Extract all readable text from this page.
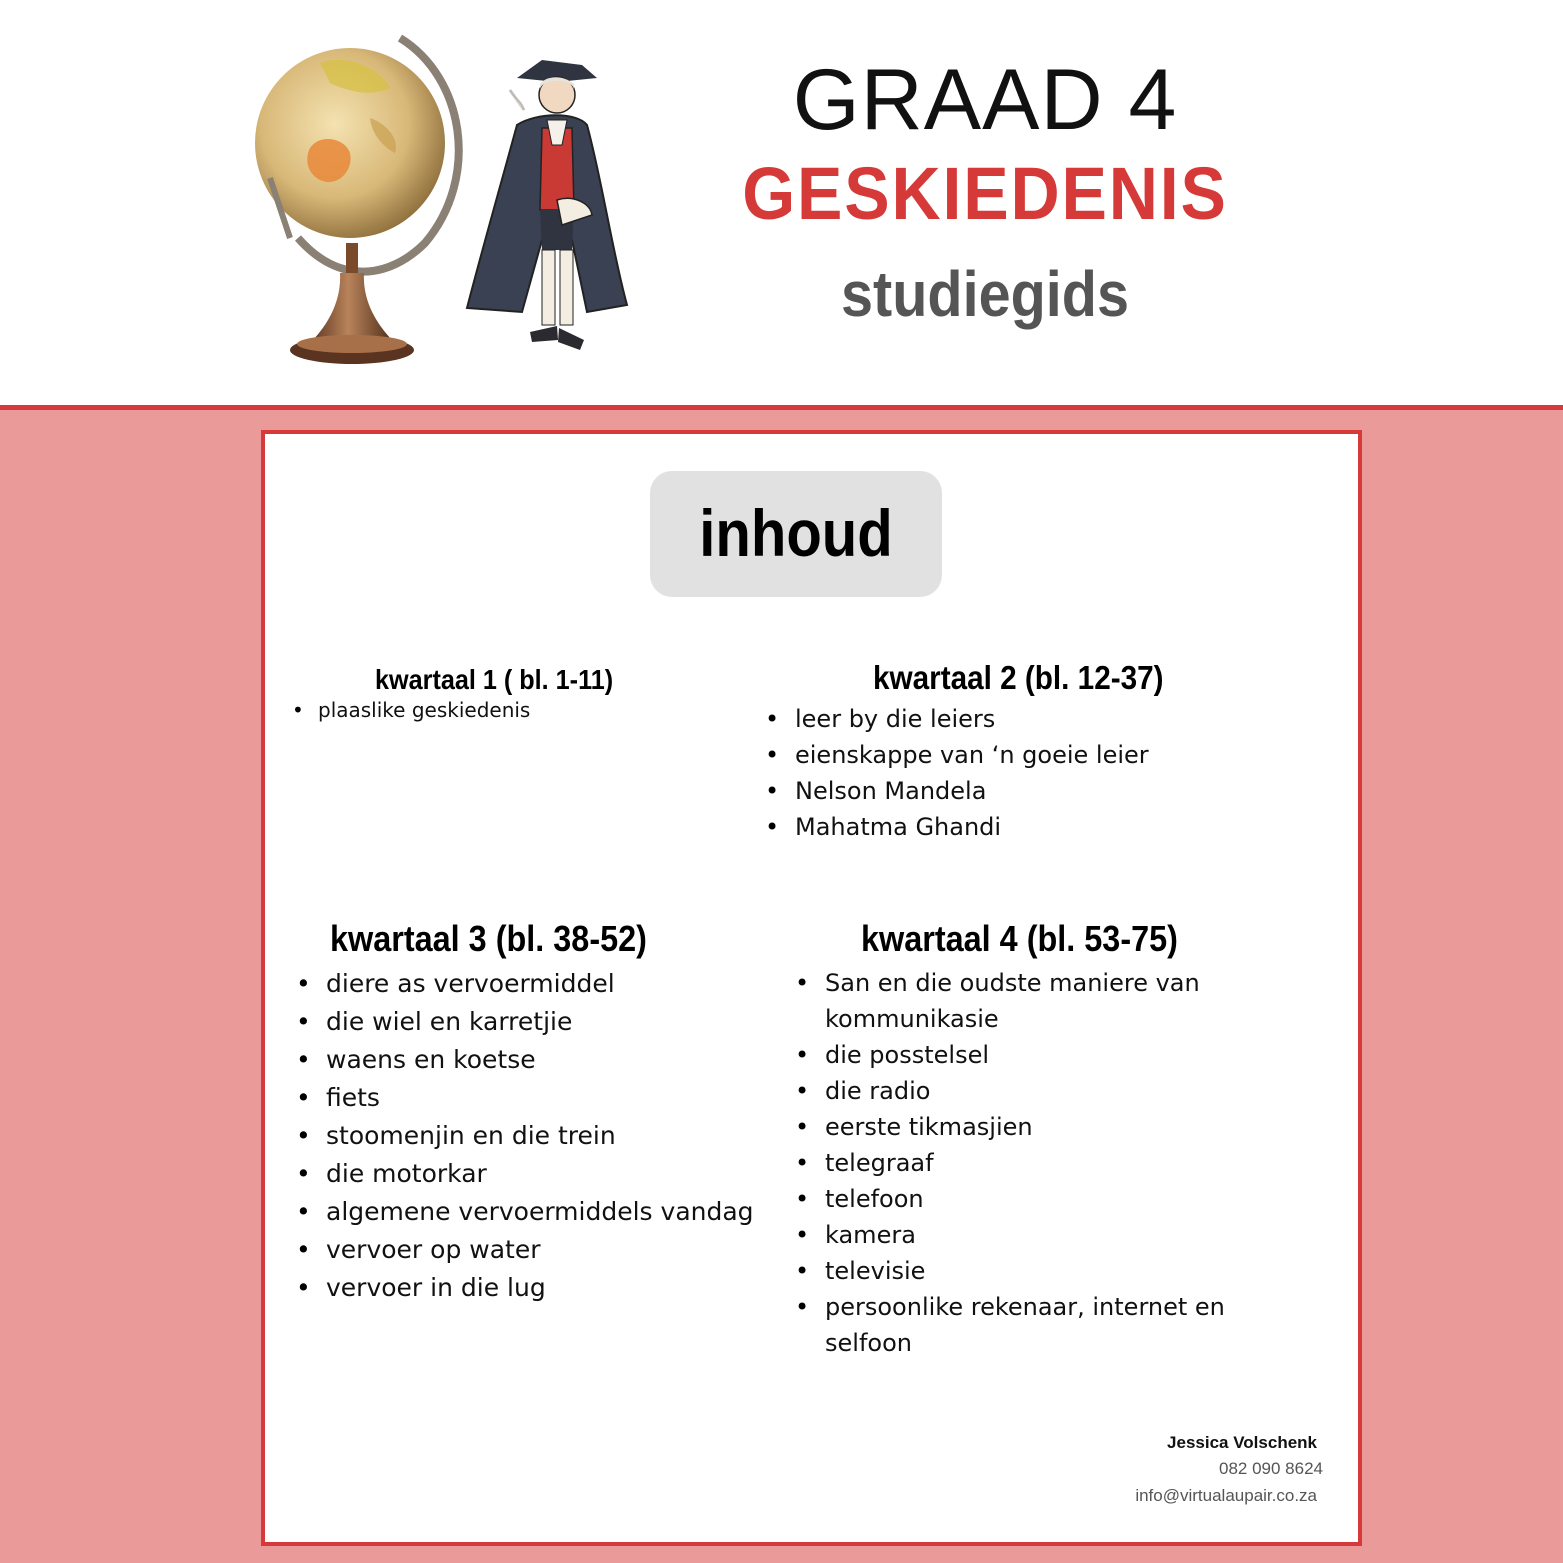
GRAAD 4
GESKIEDENIS
studiegids
inhoud
kwartaal 1 ( bl. 1-11)
• plaaslike geskiedenis
kwartaal 2 (bl. 12-37)
• leer by die leiers
• eienskappe van ‘n goeie leier
• Nelson Mandela
• Mahatma Ghandi
kwartaal 3 (bl. 38-52)
• diere as vervoermiddel
• die wiel en karretjie
• waens en koetse
• fiets
• stoomenjin en die trein
• die motorkar
• algemene vervoermiddels vandag
• vervoer op water
• vervoer in die lug
kwartaal 4 (bl. 53-75)
• San en die oudste maniere van kommunikasie
• die posstelsel
• die radio
• eerste tikmasjien
• telegraaf
• telefoon
• kamera
• televisie
• persoonlike rekenaar, internet en selfoon
Jessica Volschenk
082 090 8624
info@virtualaupair.co.za
